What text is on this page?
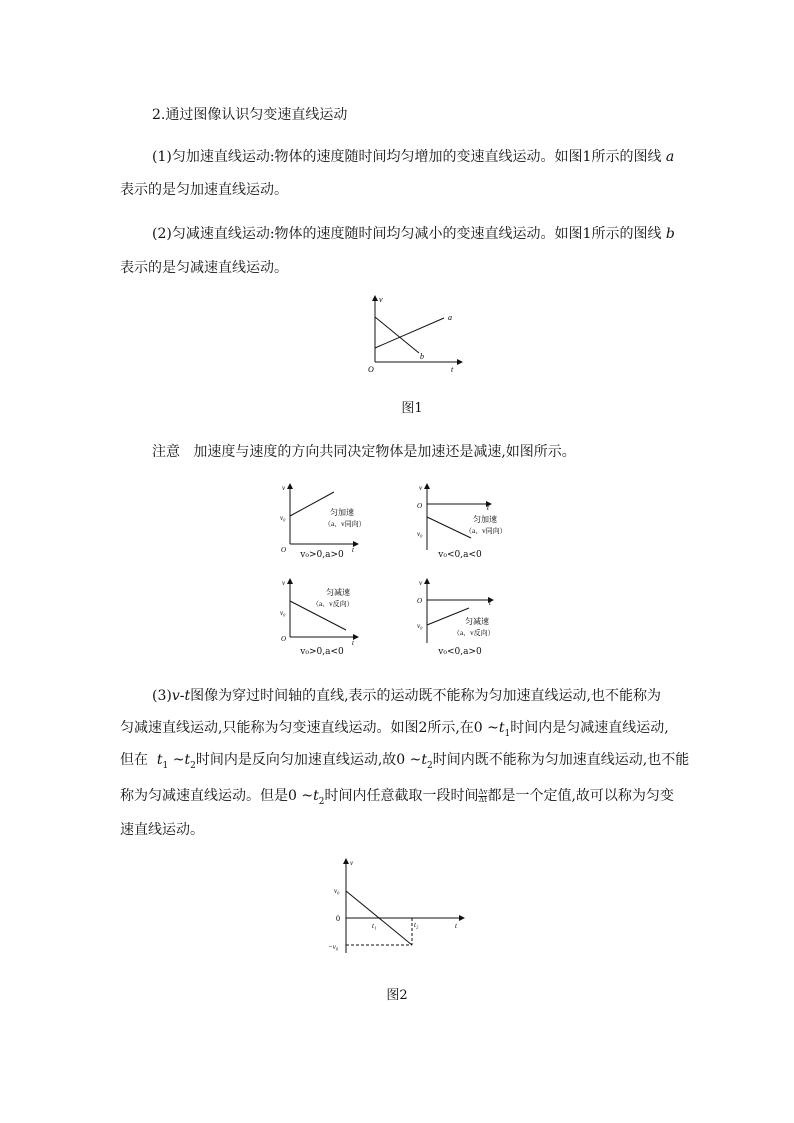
2.通过图像认识匀变速直线运动
(1)匀加速直线运动:物体的速度随时间均匀增加的变速直线运动。如图1所示的图线 a
表示的是匀加速直线运动。
(2)匀减速直线运动:物体的速度随时间均匀减小的变速直线运动。如图1所示的图线 b
表示的是匀减速直线运动。
v
t
O
a
b
图1
注意 加速度与速度的方向共同决定物体是加速还是减速,如图所示。
v
t
O
v₀
匀加速
（a、v同向）
v₀>0,a>0
v
t
O
v₀
匀加速
（a、v同向）
v₀<0,a<0
v
t
O
v₀
匀减速
（a、v反向）
v₀>0,a<0
v
t
O
v₀	匀减速
（a、v反向）
v₀<0,a>0
(3)v-t图像为穿过时间轴的直线,表示的运动既不能称为匀加速直线运动,也不能称为
匀减速直线运动,只能称为匀变速直线运动。如图2所示,在0 $\sim t_1$时间内是匀减速直线运动,
但在 $t_1$ $\sim t_2$时间内是反向匀加速直线运动,故0 $\sim t_2$时间内既不能称为匀加速直线运动,也不能
称为匀减速直线运动。但是0 $\sim t_2$时间内任意截取一段时间 $\frac{\Delta v}{\Delta t}$ 都是一个定值,故可以称为匀变
速直线运动。
v
t
v₀
0
−v₀
t₁	t₂
图2
